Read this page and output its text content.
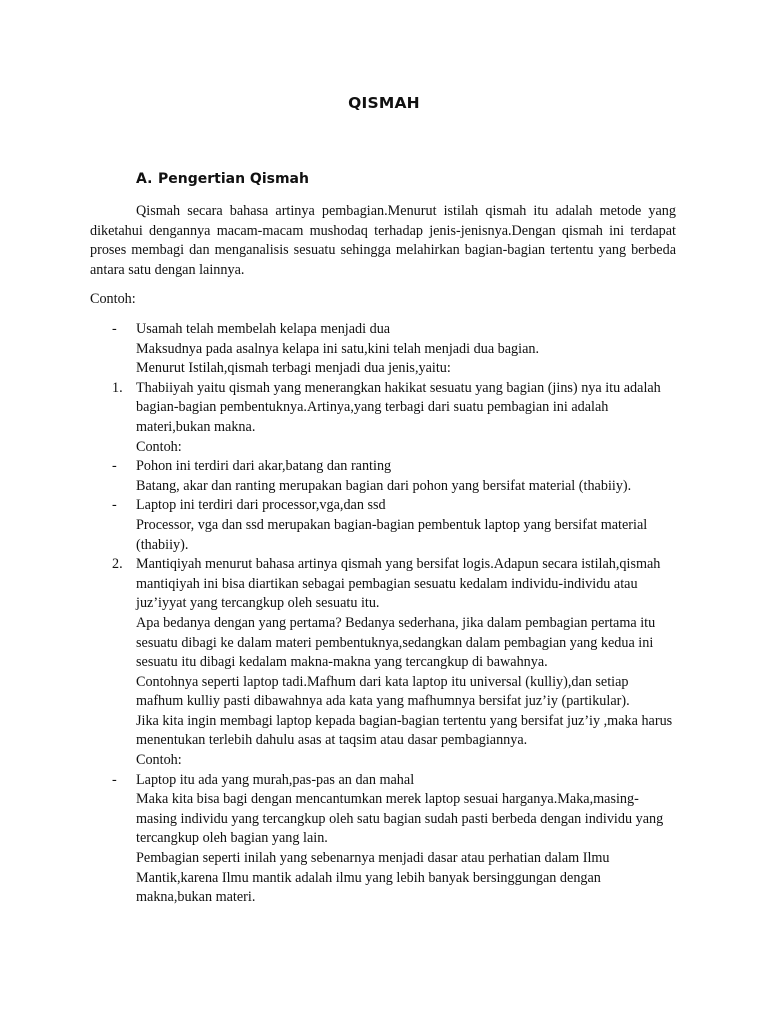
QISMAH
A. Pengertian Qismah

Qismah secara bahasa artinya pembagian.Menurut istilah qismah itu adalah metode yang diketahui dengannya macam-macam mushodaq terhadap jenis-jenisnya.Dengan qismah ini terdapat proses membagi dan menganalisis sesuatu sehingga melahirkan bagian-bagian tertentu yang berbeda antara satu dengan lainnya.

Contoh:

- Usamah telah membelah kelapa menjadi dua
Maksudnya pada asalnya kelapa ini satu,kini telah menjadi dua bagian.
Menurut Istilah,qismah terbagi menjadi dua jenis,yaitu:
1. Thabiiyah yaitu qismah yang menerangkan hakikat sesuatu yang bagian (jins) nya itu adalah bagian-bagian pembentuknya.Artinya,yang terbagi dari suatu pembagian ini adalah materi,bukan makna.
Contoh:
- Pohon ini terdiri dari akar,batang dan ranting
Batang, akar dan ranting merupakan bagian dari pohon yang bersifat material (thabiiy).
- Laptop ini terdiri dari processor,vga,dan ssd
Processor, vga dan ssd merupakan bagian-bagian pembentuk laptop yang bersifat material (thabiiy).
2. Mantiqiyah menurut bahasa artinya qismah yang bersifat logis.Adapun secara istilah,qismah mantiqiyah ini bisa diartikan sebagai pembagian sesuatu kedalam individu-individu atau juz’iyyat yang tercangkup oleh sesuatu itu.
Apa bedanya dengan yang pertama? Bedanya sederhana, jika dalam pembagian pertama itu sesuatu dibagi ke dalam materi pembentuknya,sedangkan dalam pembagian yang kedua ini sesuatu itu dibagi kedalam makna-makna yang tercangkup di bawahnya.
Contohnya seperti laptop tadi.Mafhum dari kata laptop itu universal (kulliy),dan setiap mafhum kulliy pasti dibawahnya ada kata yang mafhumnya bersifat juz’iy (partikular).
Jika kita ingin membagi laptop kepada bagian-bagian tertentu yang bersifat juz’iy ,maka harus menentukan terlebih dahulu asas at taqsim atau dasar pembagiannya.
Contoh:
- Laptop itu ada yang murah,pas-pas an dan mahal
Maka kita bisa bagi dengan mencantumkan merek laptop sesuai harganya.Maka,masing-masing individu yang tercangkup oleh satu bagian sudah pasti berbeda dengan individu yang tercangkup oleh bagian yang lain.
Pembagian seperti inilah yang sebenarnya menjadi dasar atau perhatian dalam Ilmu Mantik,karena Ilmu mantik adalah ilmu yang lebih banyak bersinggungan dengan makna,bukan materi.
